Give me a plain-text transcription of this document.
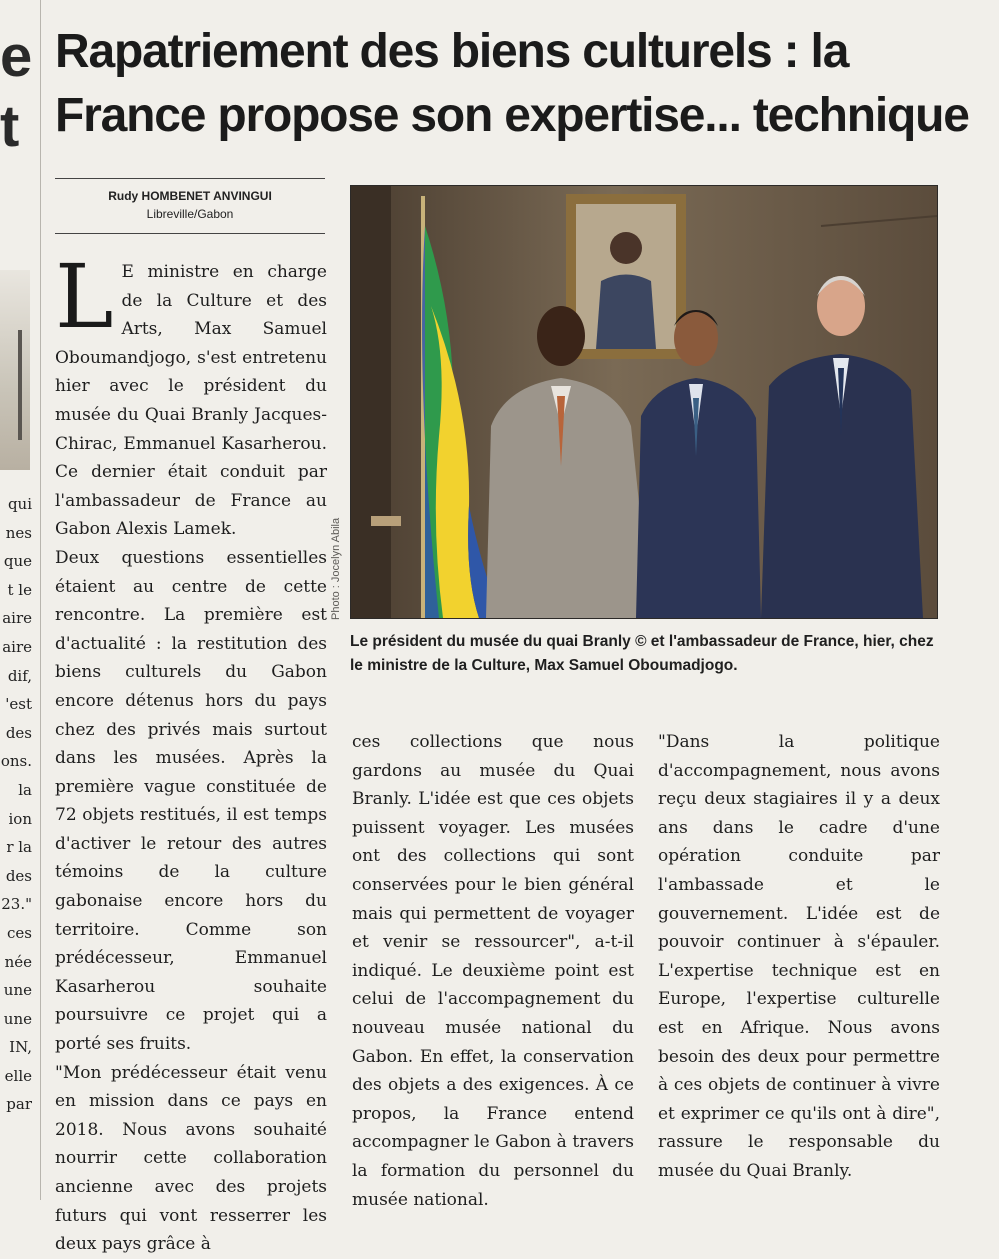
e
t
qui
nes
que
t le
aire
aire
dif,
'est
des
ons.
la
ion
r la
des
23."
ces
née
une
une
IN,
elle
par
Rapatriement des biens culturels : la
France propose son expertise... technique
Rudy HOMBENET ANVINGUI
Libreville/Gabon

L E ministre en charge de la Culture et des Arts, Max Samuel Oboumandjogo, s'est entretenu hier avec le président du musée du Quai Branly Jacques-Chirac, Emmanuel Kasarherou. Ce dernier était conduit par l'ambassadeur de France au Gabon Alexis Lamek.

Deux questions essentielles étaient au centre de cette rencontre. La première est d'actualité : la restitution des biens culturels du Gabon encore détenus hors du pays chez des privés mais surtout dans les musées. Après la première vague constituée de 72 objets restitués, il est temps d'activer le retour des autres témoins de la culture gabonaise encore hors du territoire. Comme son prédécesseur, Emmanuel Kasarherou souhaite poursuivre ce projet qui a porté ses fruits.

"Mon prédécesseur était venu en mission dans ce pays en 2018. Nous avons souhaité nourrir cette collaboration ancienne avec des projets futurs qui vont resserrer les deux pays grâce à

Photo : Jocelyn Abila

Le président du musée du quai Branly © et l'ambassadeur de France, hier, chez le ministre de la Culture, Max Samuel Oboumadjogo.

ces collections que nous gardons au musée du Quai Branly. L'idée est que ces objets puissent voyager. Les musées ont des collections qui sont conservées pour le bien général mais qui permettent de voyager et venir se ressourcer", a-t-il indiqué. Le deuxième point est celui de l'accompagnement du nouveau musée national du Gabon. En effet, la conservation des objets a des exigences. À ce propos, la France entend accompagner le Gabon à travers la formation du personnel du musée national.

"Dans la politique d'accompagnement, nous avons reçu deux stagiaires il y a deux ans dans le cadre d'une opération conduite par l'ambassade et le gouvernement. L'idée est de pouvoir continuer à s'épauler. L'expertise technique est en Europe, l'expertise culturelle est en Afrique. Nous avons besoin des deux pour permettre à ces objets de continuer à vivre et exprimer ce qu'ils ont à dire", rassure le responsable du musée du Quai Branly.
